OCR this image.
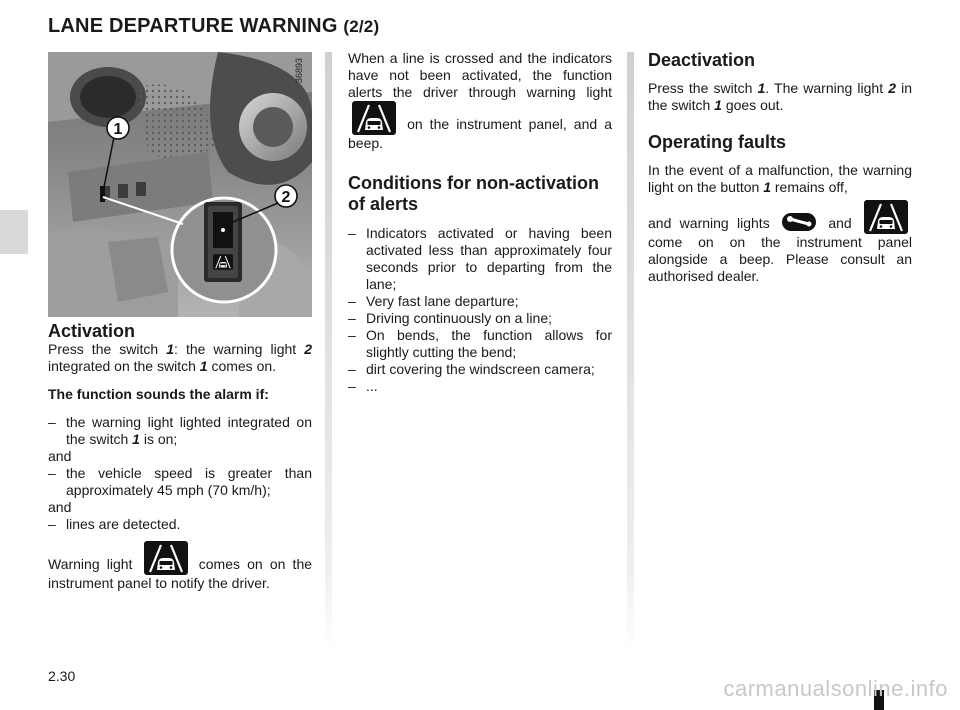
LANE DEPARTURE WARNING (2/2)
1
2
36893
Activation

Press the switch 1: the warning light 2 integrated on the switch 1 comes on.

The function sounds the alarm if:

– the warning light lighted integrated on the switch 1 is on;

and

– the vehicle speed is greater than approximately 45 mph (70 km/h);

and

– lines are detected.

Warning light	comes on on the instrument panel to notify the driver.

When a line is crossed and the indicators have not been activated, the function alerts the driver through warning light  on the instrument panel, and a beep.

Conditions for non-activation of alerts
– Indicators activated or having been activated less than approximately four seconds prior to departing from the lane;
– Very fast lane departure;
– Driving continuously on a line;
– On bends, the function allows for slightly cutting the bend;
– dirt covering the windscreen camera;
– ...
Deactivation

Press the switch 1. The warning light 2 in the switch 1 goes out.

Operating faults

In the event of a malfunction, the warning light on the button 1 remains off,

and warning lights	and  come on on the instrument panel alongside a beep. Please consult an authorised dealer.

2.30	carmanualsonline.info
